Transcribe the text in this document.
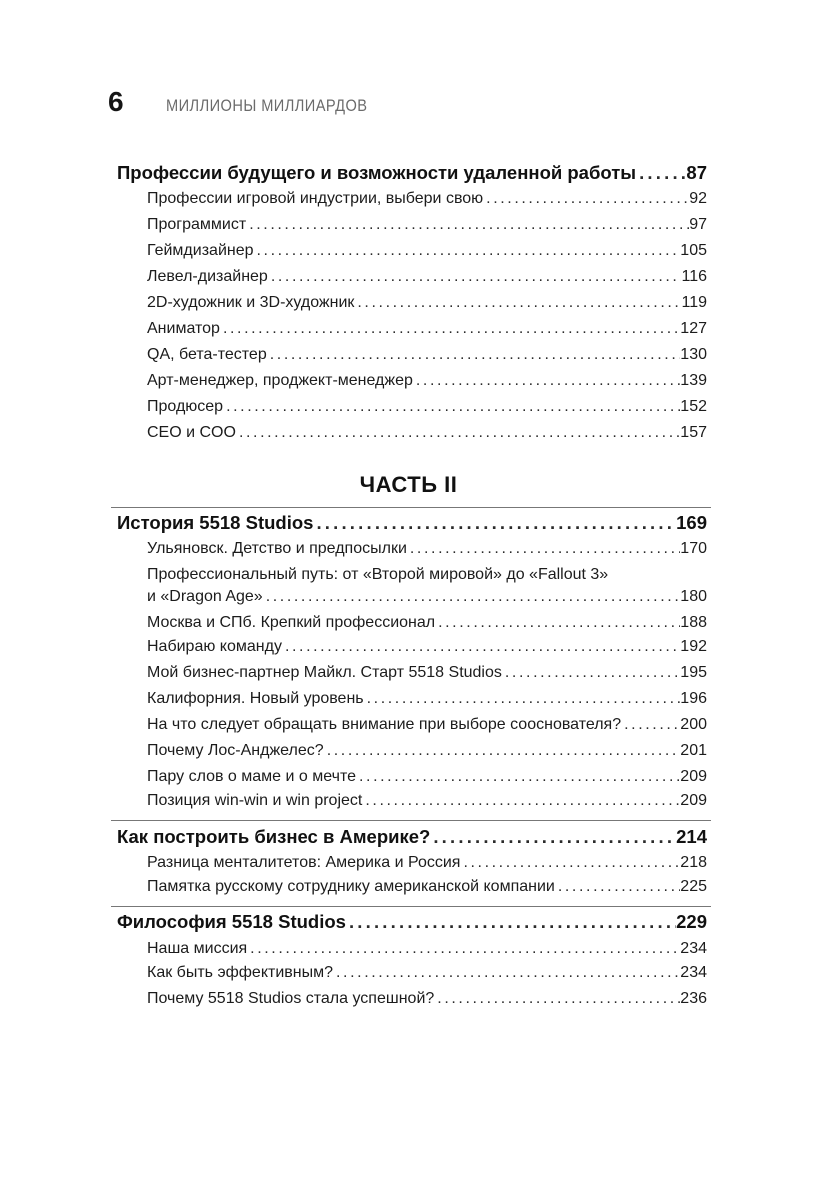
6 МИЛЛИОНЫ МИЛЛИАРДОВ
Профессии будущего и возможности удаленной работы .....	87
Профессии игровой индустрии, выбери свою .....	92
Программист .....	97
Геймдизайнер .....	105
Левел-дизайнер .....	116
2D-художник и 3D-художник .....	119
Аниматор .....	127
QA, бета-тестер .....	130
Арт-менеджер, проджект-менеджер .....	139
Продюсер .....	152
CEO и COO .....	157
ЧАСТЬ II
История 5518 Studios .....	169
Ульяновск. Детство и предпосылки .....	170
Профессиональный путь: от «Второй мировой» до «Fallout 3»
и «Dragon Age» .....	180
Москва и СПб. Крепкий профессионал .....	188
Набираю команду .....	192
Мой бизнес-партнер Майкл. Старт 5518 Studios .....	195
Калифорния. Новый уровень .....	196
На что следует обращать внимание при выборе сооснователя? .....	200
Почему Лос-Анджелес? .....	201
Пару слов о маме и о мечте .....	209
Позиция win-win и win project .....	209
Как построить бизнес в Америке? .....	214
Разница менталитетов: Америка и Россия .....	218
Памятка русскому сотруднику американской компании .....	225
Философия 5518 Studios .....	229
Наша миссия .....	234
Как быть эффективным? .....	234
Почему 5518 Studios стала успешной? .....	236
